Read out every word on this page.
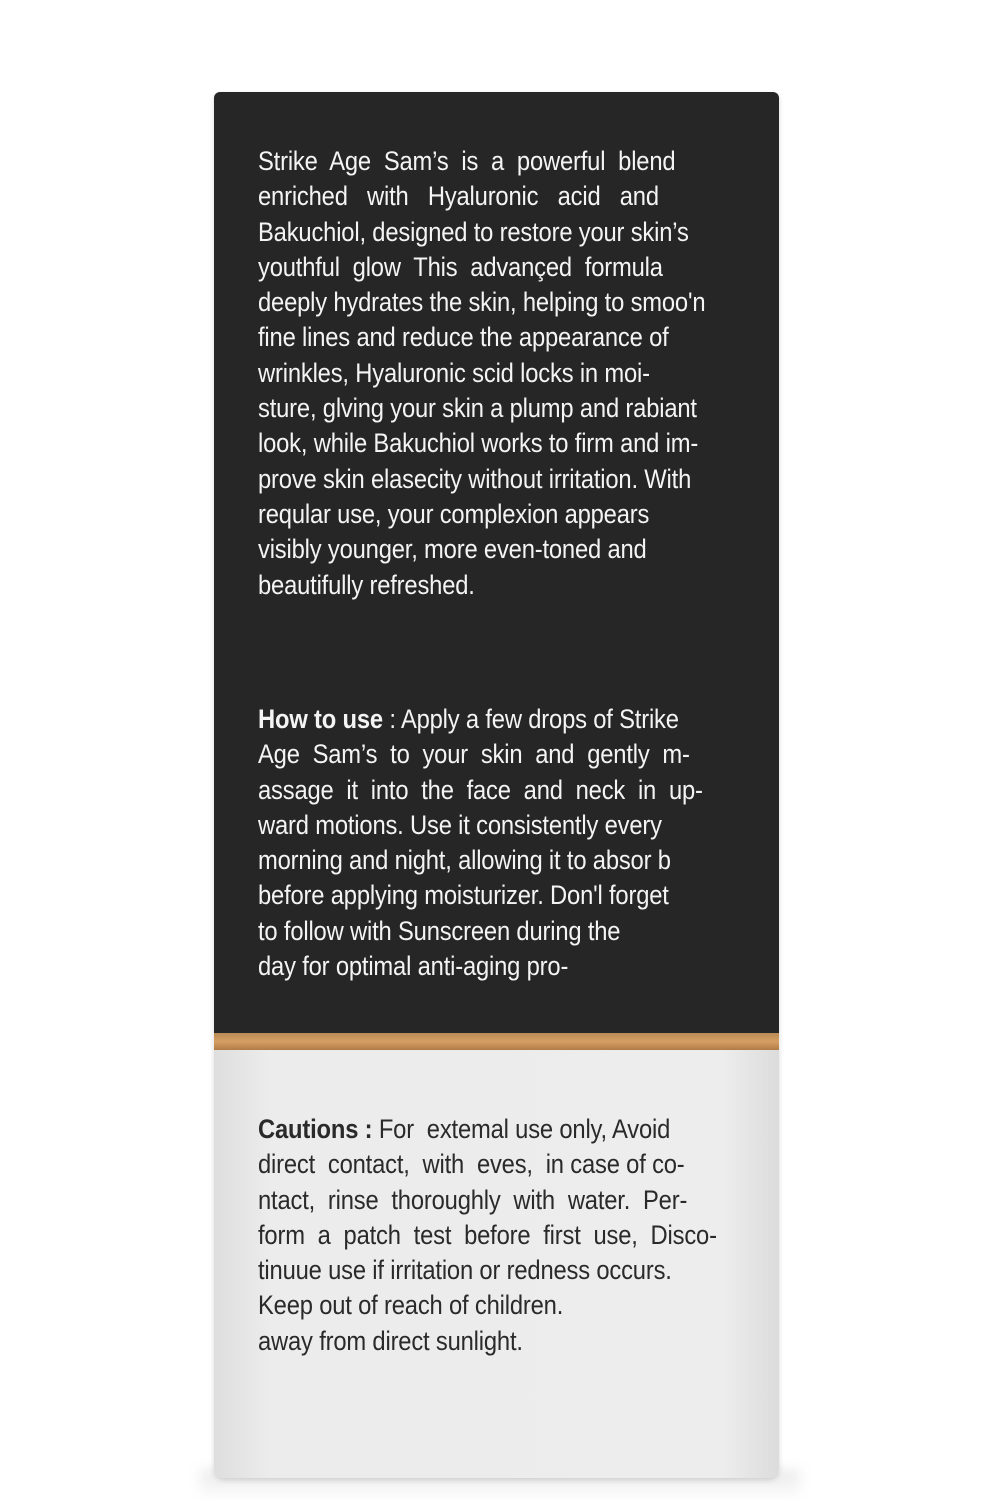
Strike  Age  Sam’s  is  a  powerful  blend
enriched   with   Hyaluronic   acid   and
Bakuchiol, designed to restore your skin’s
youthful  glow  This  advançed  formula
deeply hydrates the skin, helping to smoo'n
fine lines and reduce the appearance of
wrinkles, Hyaluronic scid locks in moi-
sture, glving your skin a plump and rabiant
look, while Bakuchiol works to firm and im-
prove skin elasecity without irritation. With
reqular use, your complexion appears
visibly younger, more even-toned and
beautifully refreshed.
How to use : Apply a few drops of Strike
Age  Sam’s  to  your  skin  and  gently  m-
assage  it  into  the  face  and  neck  in  up-
ward motions. Use it consistently every
morning and night, allowing it to absor b
before applying moisturizer. Don'l forget
to follow with Sunscreen during the
day for optimal anti-aging pro-
Cautions : For  extemal use only, Avoid
direct  contact,  with  eves,  in case of co-
ntact,  rinse  thoroughly  with  water.  Per-
form  a  patch  test  before  first  use,  Disco-
tinuue use if irritation or redness occurs.
Keep out of reach of children.
away from direct sunlight.
